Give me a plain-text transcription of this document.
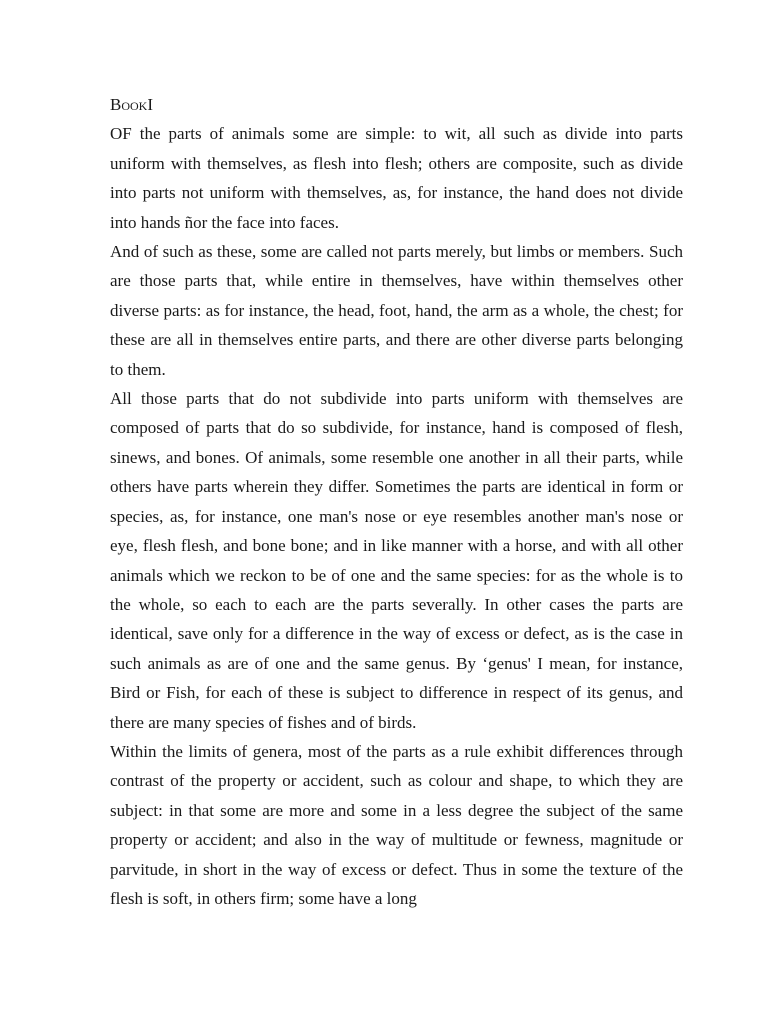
BookI

OF the parts of animals some are simple: to wit, all such as divide into parts uniform with themselves, as flesh into flesh; others are composite, such as divide into parts not uniform with themselves, as, for instance, the hand does not divide into hands ñor the face into faces.

And of such as these, some are called not parts merely, but limbs or members. Such are those parts that, while entire in themselves, have within themselves other diverse parts: as for instance, the head, foot, hand, the arm as a whole, the chest; for these are all in themselves entire parts, and there are other diverse parts belonging to them.

All those parts that do not subdivide into parts uniform with themselves are composed of parts that do so subdivide, for instance, hand is composed of flesh, sinews, and bones. Of animals, some resemble one another in all their parts, while others have parts wherein they differ. Sometimes the parts are identical in form or species, as, for instance, one man's nose or eye resembles another man's nose or eye, flesh flesh, and bone bone; and in like manner with a horse, and with all other animals which we reckon to be of one and the same species: for as the whole is to the whole, so each to each are the parts severally. In other cases the parts are identical, save only for a difference in the way of excess or defect, as is the case in such animals as are of one and the same genus. By ‘genus' I mean, for instance, Bird or Fish, for each of these is subject to difference in respect of its genus, and there are many species of fishes and of birds.

Within the limits of genera, most of the parts as a rule exhibit differences through contrast of the property or accident, such as colour and shape, to which they are subject: in that some are more and some in a less degree the subject of the same property or accident; and also in the way of multitude or fewness, magnitude or parvitude, in short in the way of excess or defect. Thus in some the texture of the flesh is soft, in others firm; some have a long
